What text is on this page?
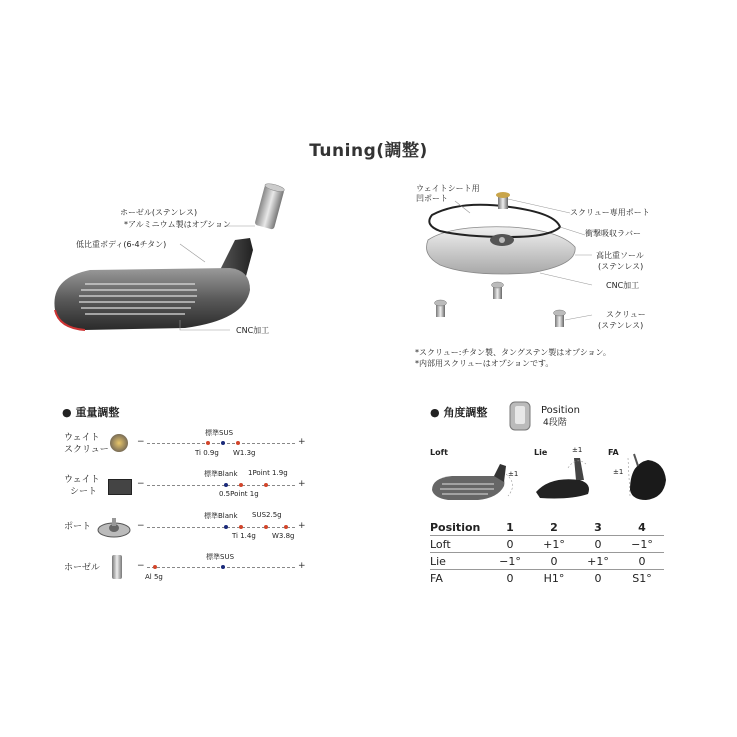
Tuning(調整)
ホーゼル(ステンレス)
*アルミニウム製はオプション
低比重ボディ(6-4チタン)
CNC加工
ウェイトシート用
凹ポート
スクリュー専用ポート
衝撃吸収ラバー
高比重ソール
(ステンレス)
CNC加工
スクリュー
(ステンレス)
*スクリュー:チタン製、タングステン製はオプション。
*内部用スクリューはオプションです。
● 重量調整
ウェイト
スクリュー
−	+
標準SUS
Ti 0.9g W1.3g
ウェイト
シート
−	+
標準Blank 1Point 1.9g
0.5Point 1g
ポート	−	+
標準Blank SUS2.5g
Ti 1.4g W3.8g
ホーゼル	−	+
標準SUS
Al 5g
● 角度調整	Position
4段階
Loft	Lie	FA
±1
±1
±1
Position	1	2	3	4
Loft	0	+1°	0	−1°
Lie	−1°	0	+1°	0
FA	0	H1°	0	S1°
